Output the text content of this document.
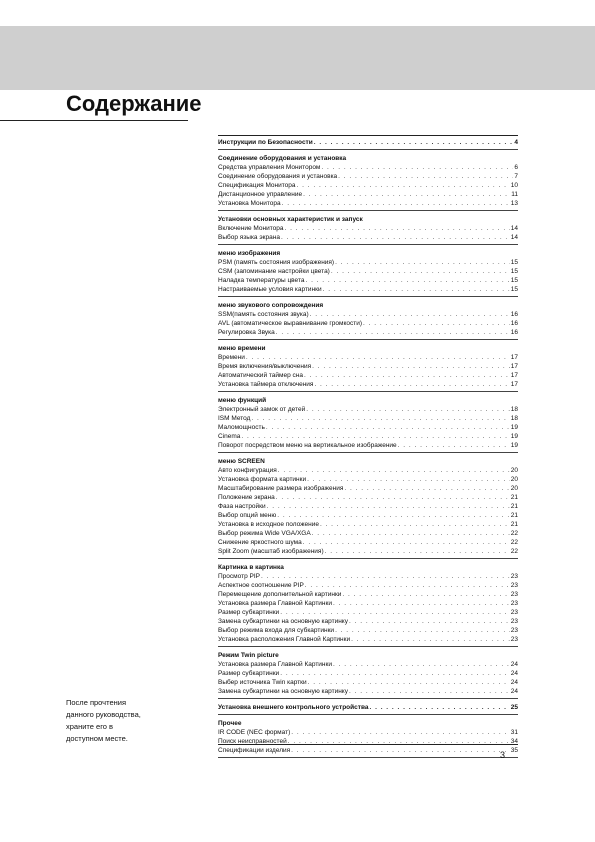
Содержание
Инструкции по Безопасности . . .	4
Соединение оборудования и установка
Средства управления Монитором . . .	6
Соединение оборудования и установка . . .	7
Спецификация Монитора . . .	10
Дистанционное управление . . .	11
Установка Монитора . . .	13
Установки основных характеристик и запуск
Включение Монитора . . .	14
Выбор языка экрана . . .	14
меню изображения
PSM (память состояния изображения) . . .	15
CSM (запоминание настройки цвета) . . .	15
Наладка температуры цвета . . .	15
Настраиваемые условия картинки . . .	15
меню звукового сопровождения
SSM(память состояния звука) . . .	16
AVL (автоматическое выравнивание громкости) . . .	16
Регулировка Звука . . .	16
меню времени
Времени . . .	17
Время включения/выключения . . .	17
Автоматический таймер сна . . .	17
Установка таймера отключения . . .	17
меню функций
Электронный замок от детей . . .	18
ISM Метод . . .	18
Маломощность . . .	19
Cinema . . .	19
Поворот посредством меню на вертикальное изображение . . .	19
меню SCREEN
Авто конфигурация . . .	20
Установка формата картинки . . .	20
Масштабирование размера изображения . . .	20
Положение экрана . . .	21
Фаза настройки . . .	21
Выбор опций меню . . .	21
Установка в исходное положение . . .	21
Выбор режима Wide VGA/XGA . . .	22
Снижение яркостного шума . . .	22
Split Zoom (масштаб изображения) . . .	22
Картинка в картинка
Просмотр PIP . . .	23
Аспектное соотношение PIP . . .	23
Перемещение дополнительной картинки . . .	23
Установка размера Главной Картинки . . .	23
Размер субкартинки . . .	23
Замена субкартинки на основную картинку . . .	23
Выбор режима входа для субкартинки . . .	23
Установка расположения Главной Картинки . . .	23
Режим Twin picture
Установка размера Главной Картинки . . .	24
Размер субкартинки . . .	24
Выбер источника Twin картки . . .	24
Замена субкартинки на основную картинку . . .	24
Установка внешнего контрольного устройства . . .	25
Прочее
IR CODE (NEC формат) . . .	31
Поиск неисправностей . . .	34
Спецификации изделия . . .	35
После прочтения
данного руководства,
храните его в
доступном месте.
3
